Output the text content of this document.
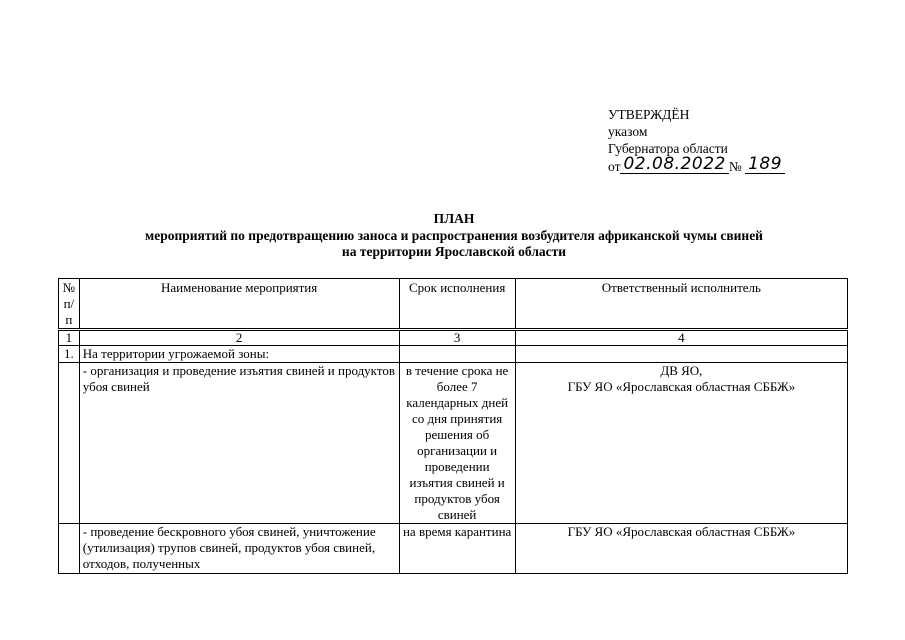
УТВЕРЖДЁН
указом
Губернатора области
от 02.08.2022 № 189
ПЛАН
мероприятий по предотвращению заноса и распространения возбудителя африканской чумы свиней
на территории Ярославской области
№ п/п	Наименование мероприятия	Срок исполнения	Ответственный исполнитель
1	2	3	4
1.	На территории угрожаемой зоны:		
	- организация и проведение изъятия свиней и продуктов убоя свиней	в течение срока не более 7 календарных дней со дня принятия решения об организации и проведении изъятия свиней и продуктов убоя свиней	ДВ ЯО,
ГБУ ЯО «Ярославская областная СББЖ»

	- проведение бескровного убоя свиней, уничтожение (утилизация) трупов свиней, продуктов убоя свиней, отходов, полученных	на время карантина	ГБУ ЯО «Ярославская областная СББЖ»
